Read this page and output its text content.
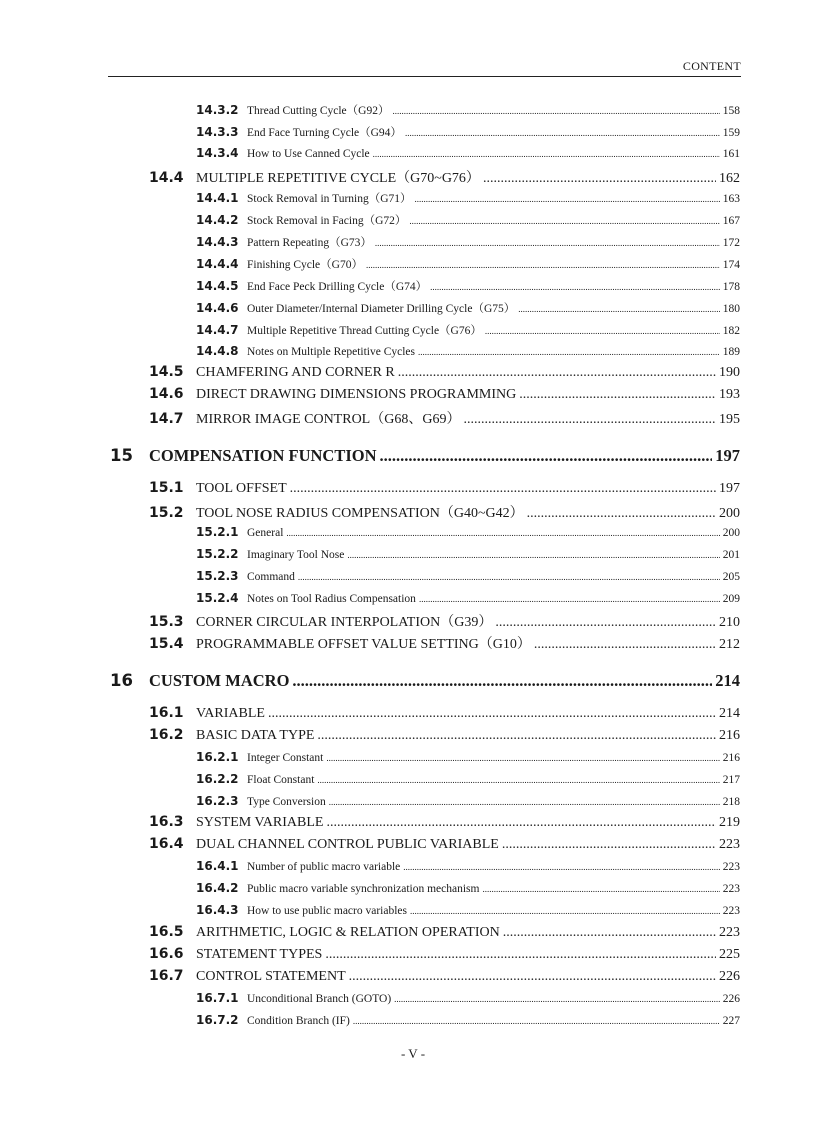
CONTENT
14.3.2 Thread Cutting Cycle（G92） .....	158
14.3.3 End Face Turning Cycle（G94） .....	159
14.3.4 How to Use Canned Cycle .....	161
14.4 MULTIPLE REPETITIVE CYCLE（G70~G76） .....	162
14.4.1 Stock Removal in Turning（G71） .....	163
14.4.2 Stock Removal in Facing（G72） .....	167
14.4.3 Pattern Repeating（G73） .....	172
14.4.4 Finishing Cycle（G70） .....	174
14.4.5 End Face Peck Drilling Cycle（G74） .....	178
14.4.6 Outer Diameter/Internal Diameter Drilling Cycle（G75） .....	180
14.4.7 Multiple Repetitive Thread Cutting Cycle（G76） .....	182
14.4.8 Notes on Multiple Repetitive Cycles .....	189
14.5 CHAMFERING AND CORNER R .....	190
14.6 DIRECT DRAWING DIMENSIONS PROGRAMMING .....	193
14.7 MIRROR IMAGE CONTROL（G68、G69） .....	195
15 COMPENSATION FUNCTION .....	197
15.1 TOOL OFFSET .....	197
15.2 TOOL NOSE RADIUS COMPENSATION（G40~G42） .....	200
15.2.1 General .....	200
15.2.2 Imaginary Tool Nose .....	201
15.2.3 Command .....	205
15.2.4 Notes on Tool Radius Compensation .....	209
15.3 CORNER CIRCULAR INTERPOLATION（G39） .....	210
15.4 PROGRAMMABLE OFFSET VALUE SETTING（G10） .....	212
16 CUSTOM MACRO .....	214
16.1 VARIABLE .....	214
16.2 BASIC DATA TYPE .....	216
16.2.1 Integer Constant .....	216
16.2.2 Float Constant .....	217
16.2.3 Type Conversion .....	218
16.3 SYSTEM VARIABLE .....	219
16.4 DUAL CHANNEL CONTROL PUBLIC VARIABLE .....	223
16.4.1 Number of public macro variable .....	223
16.4.2 Public macro variable synchronization mechanism .....	223
16.4.3 How to use public macro variables .....	223
16.5 ARITHMETIC, LOGIC & RELATION OPERATION .....	223
16.6 STATEMENT TYPES .....	225
16.7 CONTROL STATEMENT .....	226
16.7.1 Unconditional Branch (GOTO) .....	226
16.7.2 Condition Branch (IF) .....	227
- V -
